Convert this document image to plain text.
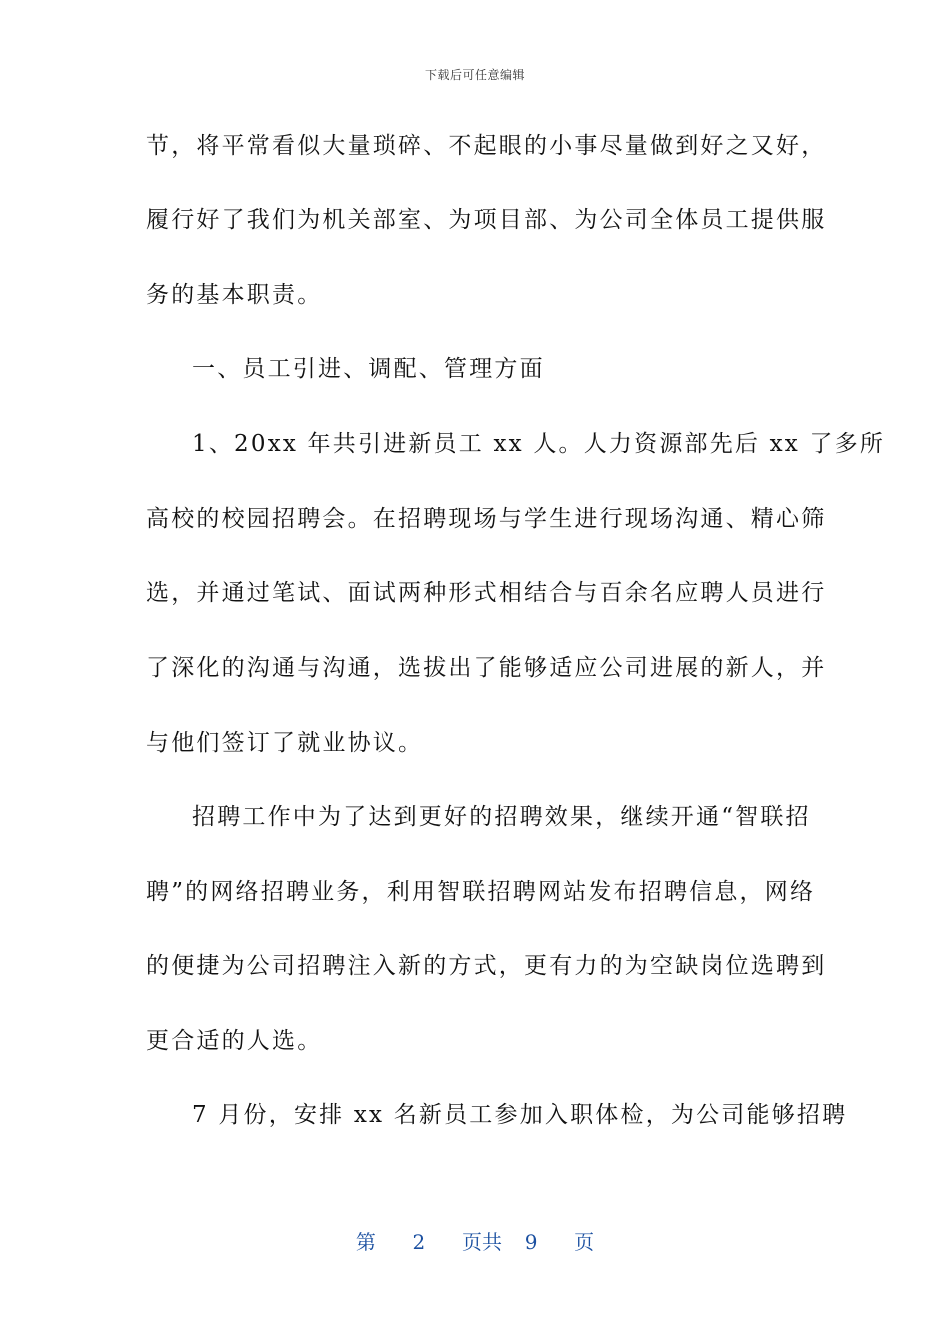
下载后可任意编辑
节，将平常看似大量琐碎、不起眼的小事尽量做到好之又好，
履行好了我们为机关部室、为项目部、为公司全体员工提供服
务的基本职责。
一、员工引进、调配、管理方面
1、20xx 年共引进新员工 xx 人。人力资源部先后 xx 了多所
高校的校园招聘会。在招聘现场与学生进行现场沟通、精心筛
选，并通过笔试、面试两种形式相结合与百余名应聘人员进行
了深化的沟通与沟通，选拔出了能够适应公司进展的新人，并
与他们签订了就业协议。
招聘工作中为了达到更好的招聘效果，继续开通“智联招
聘”的网络招聘业务，利用智联招聘网站发布招聘信息，网络
的便捷为公司招聘注入新的方式，更有力的为空缺岗位选聘到
更合适的人选。
7 月份，安排 xx 名新员工参加入职体检，为公司能够招聘
第 2 页共 9 页
